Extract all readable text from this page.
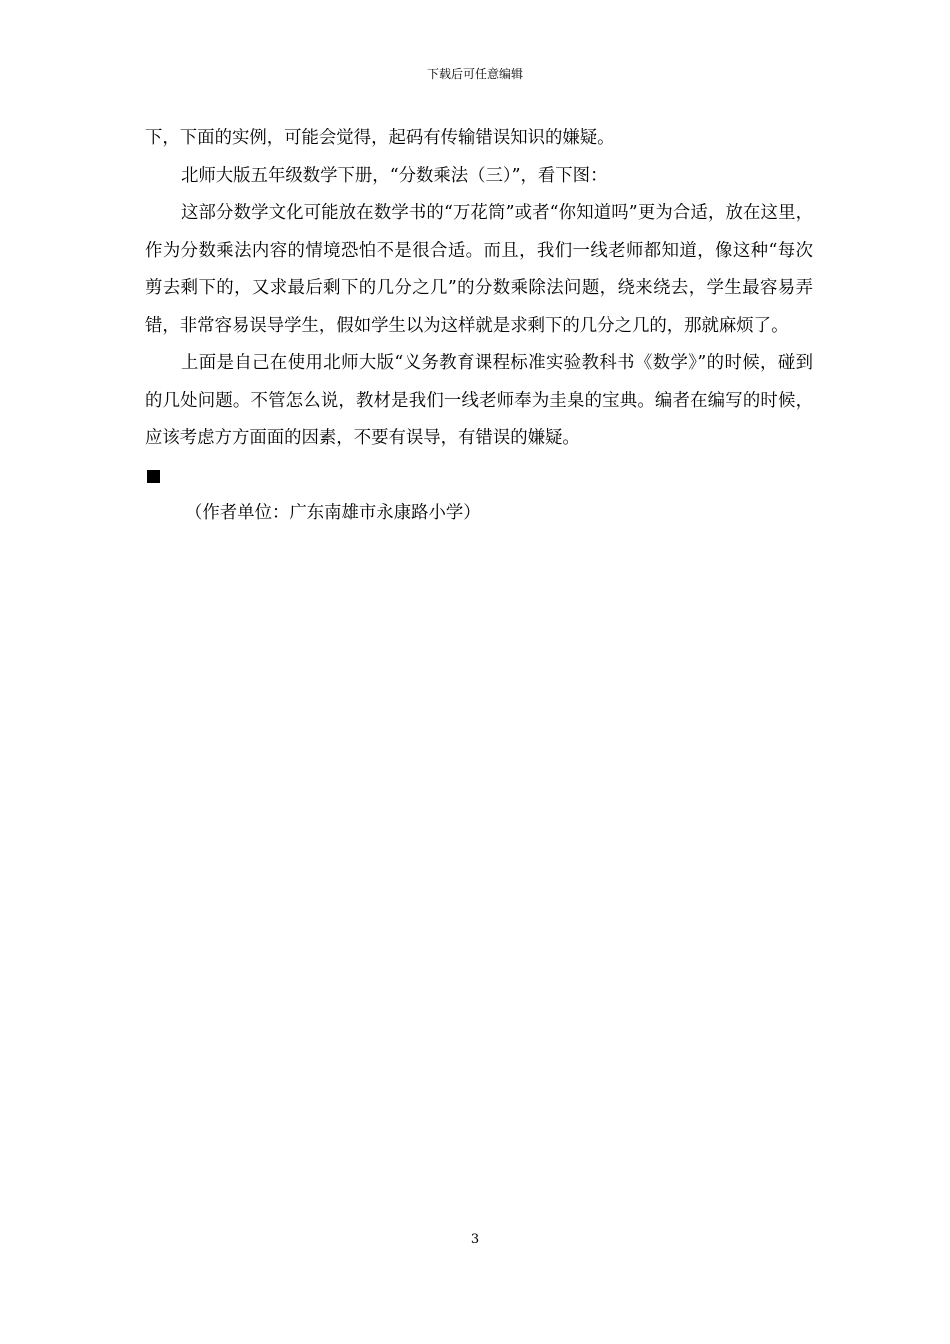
下载后可任意编辑

下，下面的实例，可能会觉得，起码有传输错误知识的嫌疑。

北师大版五年级数学下册，“分数乘法（三）”，看下图：

这部分数学文化可能放在数学书的“万花筒”或者“你知道吗”更为合适，放在这里，作为分数乘法内容的情境恐怕不是很合适。而且，我们一线老师都知道，像这种“每次剪去剩下的，又求最后剩下的几分之几”的分数乘除法问题，绕来绕去，学生最容易弄错，非常容易误导学生，假如学生以为这样就是求剩下的几分之几的，那就麻烦了。

上面是自己在使用北师大版“义务教育课程标准实验教科书《数学》”的时候，碰到的几处问题。不管怎么说，教材是我们一线老师奉为圭臬的宝典。编者在编写的时候，应该考虑方方面面的因素，不要有误导，有错误的嫌疑。

（作者单位：广东南雄市永康路小学）

3
